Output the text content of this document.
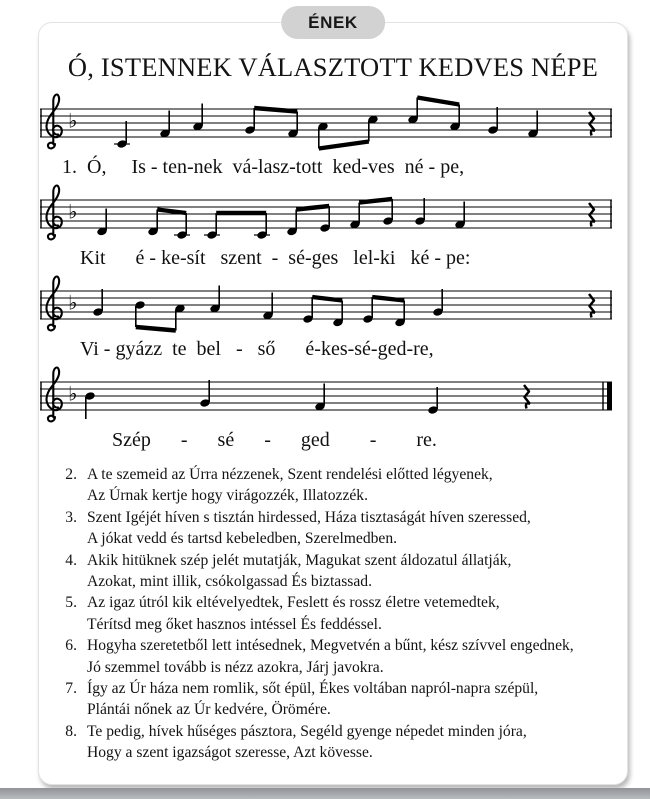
ÉNEK
Ó, ISTENNEK VÁLASZTOTT KEDVES NÉPE
♭
1.  Ó,     Is - ten-nek  vá-lasz-tott  ked-ves  né - pe,
♭
Kit      é - ke-sít   szent  -  sé-ges   lel-ki   ké - pe:
♭
Vi - gyázz  te  bel   -   ső      é-kes-sé-ged-re,
♭
Szép      -      sé      -      ged        -        re.
2. A te szemeid az Úrra nézzenek, Szent rendelési előtted légyenek,
Az Úrnak kertje hogy virágozzék, Illatozzék.
3. Szent Igéjét híven s tisztán hirdessed, Háza tisztaságát híven szeressed,
A jókat vedd és tartsd kebeledben, Szerelmedben.
4. Akik hitüknek szép jelét mutatják, Magukat szent áldozatul állatják,
Azokat, mint illik, csókolgassad És biztassad.
5. Az igaz útról kik eltévelyedtek, Feslett és rossz életre vetemedtek,
Térítsd meg őket hasznos intéssel És feddéssel.
6. Hogyha szeretetből lett intésednek, Megvetvén a bűnt, kész szívvel engednek,
Jó szemmel tovább is nézz azokra, Járj javokra.
7. Így az Úr háza nem romlik, sőt épül, Ékes voltában napról-napra szépül,
Plántái nőnek az Úr kedvére, Örömére.
8. Te pedig, hívek hűséges pásztora, Segéld gyenge népedet minden jóra,
Hogy a szent igazságot szeresse, Azt kövesse.
